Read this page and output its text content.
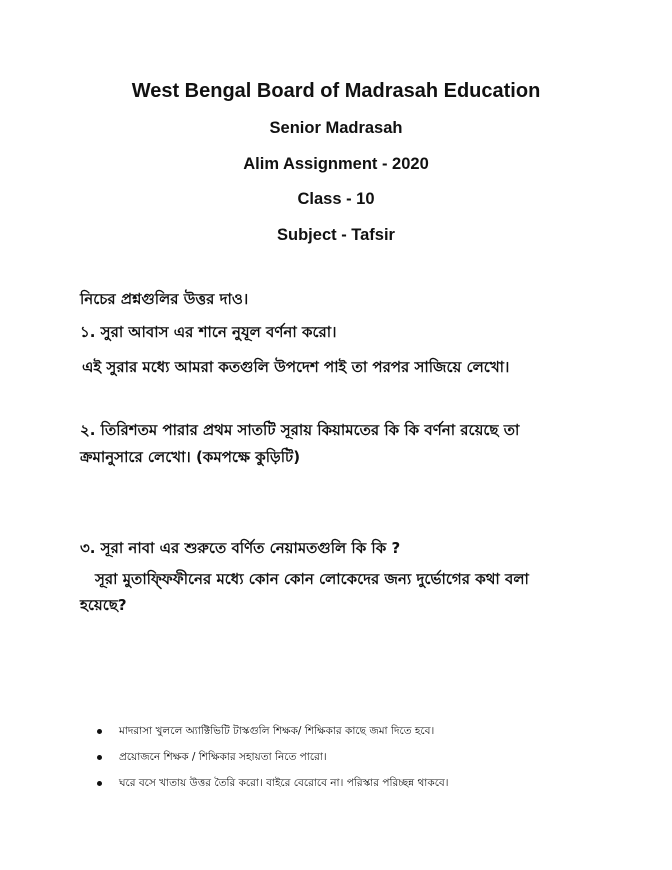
West Bengal Board of Madrasah Education
Senior Madrasah
Alim Assignment - 2020
Class - 10
Subject - Tafsir
নিচের প্রশ্নগুলির উত্তর দাও।
১. সুরা আবাস এর শানে নুযূল বর্ণনা করো।
এই সুরার মধ্যে আমরা কতগুলি উপদেশ পাই তা পরপর সাজিয়ে লেখো।
২. তিরিশতম পারার প্রথম সাতটি সূরায় কিয়ামতের কি কি বর্ণনা রয়েছে তা
ক্রমানুসারে লেখো। (কমপক্ষে কুড়িটি)
৩. সূরা নাবা এর শুরুতে বর্ণিত নেয়ামতগুলি কি কি ?
সূরা মুতাফ্ফিফীনের মধ্যে কোন কোন লোকেদের জন্য দুর্ভোগের কথা বলা
হয়েছে?
মাদরাসা খুললে অ্যাক্টিভিটি টাস্কগুলি শিক্ষক/ শিক্ষিকার কাছে জমা দিতে হবে।
প্রয়োজনে শিক্ষক / শিক্ষিকার সহায়তা নিতে পারো।
ঘরে বসে খাতায় উত্তর তৈরি করো। বাইরে বেরোবে না। পরিস্কার পরিচ্ছন্ন থাকবে।
